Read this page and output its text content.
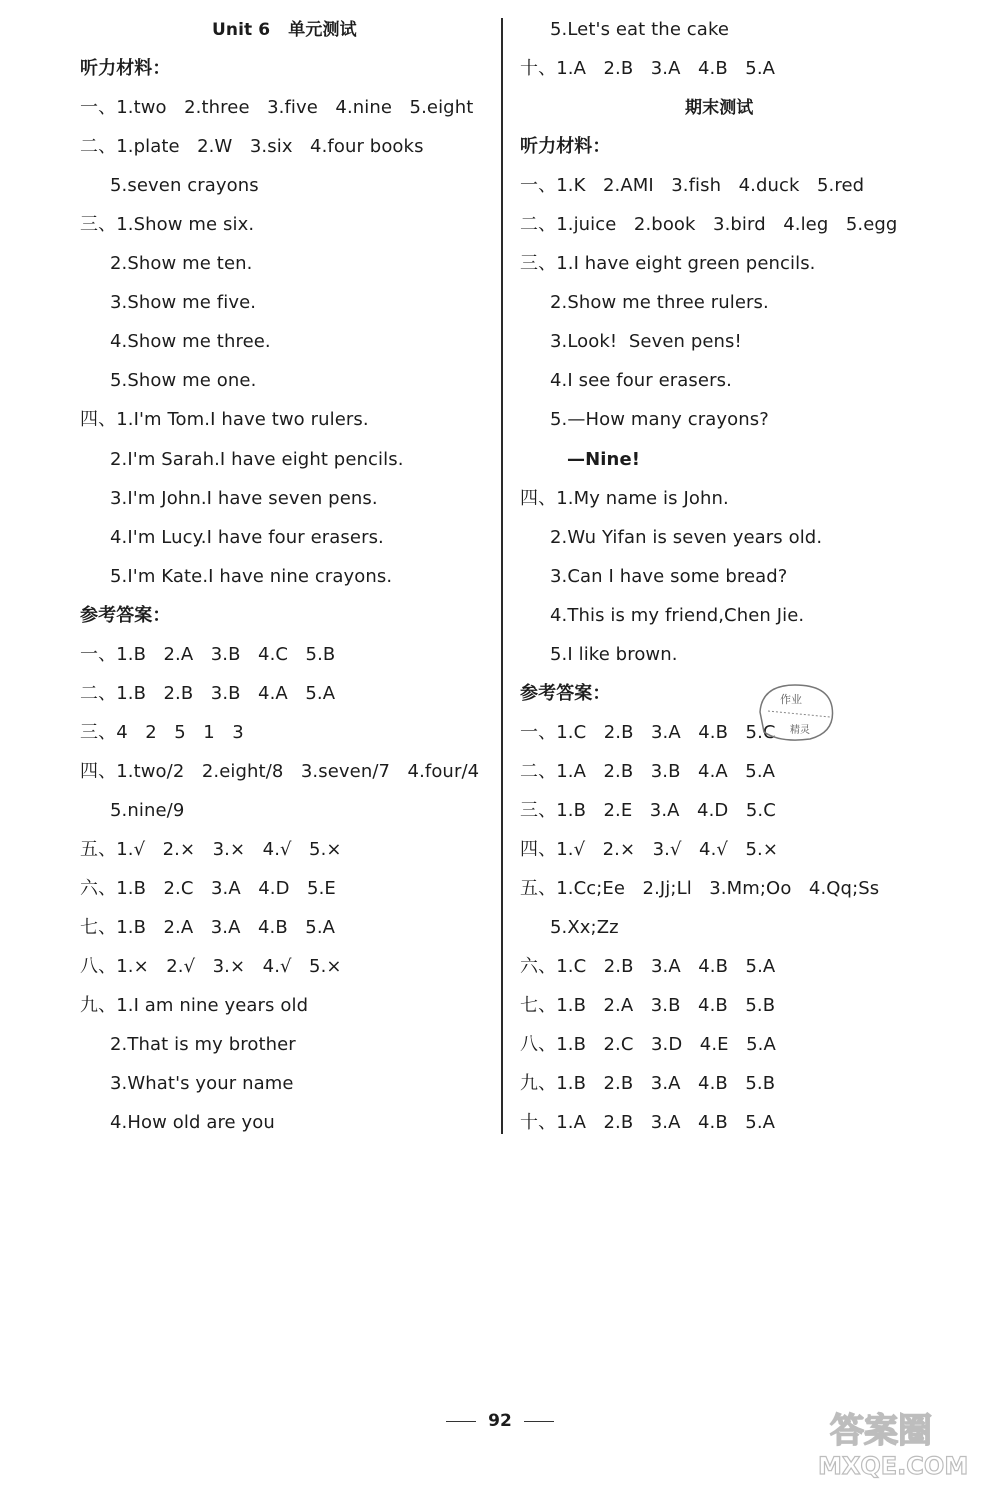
Unit 6   单元测试
听力材料：
一、1.two   2.three   3.five   4.nine   5.eight
二、1.plate   2.W   3.six   4.four books
5.seven crayons
三、1.Show me six.
2.Show me ten.
3.Show me five.
4.Show me three.
5.Show me one.
四、1.I'm Tom.I have two rulers.
2.I'm Sarah.I have eight pencils.
3.I'm John.I have seven pens.
4.I'm Lucy.I have four erasers.
5.I'm Kate.I have nine crayons.
参考答案：
一、1.B   2.A   3.B   4.C   5.B
二、1.B   2.B   3.B   4.A   5.A
三、4   2   5   1   3
四、1.two/2   2.eight/8   3.seven/7   4.four/4
5.nine/9
五、1.√   2.×   3.×   4.√   5.×
六、1.B   2.C   3.A   4.D   5.E
七、1.B   2.A   3.A   4.B   5.A
八、1.×   2.√   3.×   4.√   5.×
九、1.I am nine years old
2.That is my brother
3.What's your name
4.How old are you
5.Let's eat the cake
十、1.A   2.B   3.A   4.B   5.A
期末测试
听力材料：
一、1.K   2.AMI   3.fish   4.duck   5.red
二、1.juice   2.book   3.bird   4.leg   5.egg
三、1.I have eight green pencils.
2.Show me three rulers.
3.Look!  Seven pens!
4.I see four erasers.
5.—How many crayons?
—Nine!
四、1.My name is John.
2.Wu Yifan is seven years old.
3.Can I have some bread?
4.This is my friend,Chen Jie.
5.I like brown.
参考答案：
一、1.C   2.B   3.A   4.B   5.C
二、1.A   2.B   3.B   4.A   5.A
三、1.B   2.E   3.A   4.D   5.C
四、1.√   2.×   3.√   4.√   5.×
五、1.Cc;Ee   2.Jj;Ll   3.Mm;Oo   4.Qq;Ss
5.Xx;Zz
六、1.C   2.B   3.A   4.B   5.A
七、1.B   2.A   3.B   4.B   5.B
八、1.B   2.C   3.D   4.E   5.A
九、1.B   2.B   3.A   4.B   5.B
十、1.A   2.B   3.A   4.B   5.A
作业
精灵
92	答案圈
MXQE.COM
